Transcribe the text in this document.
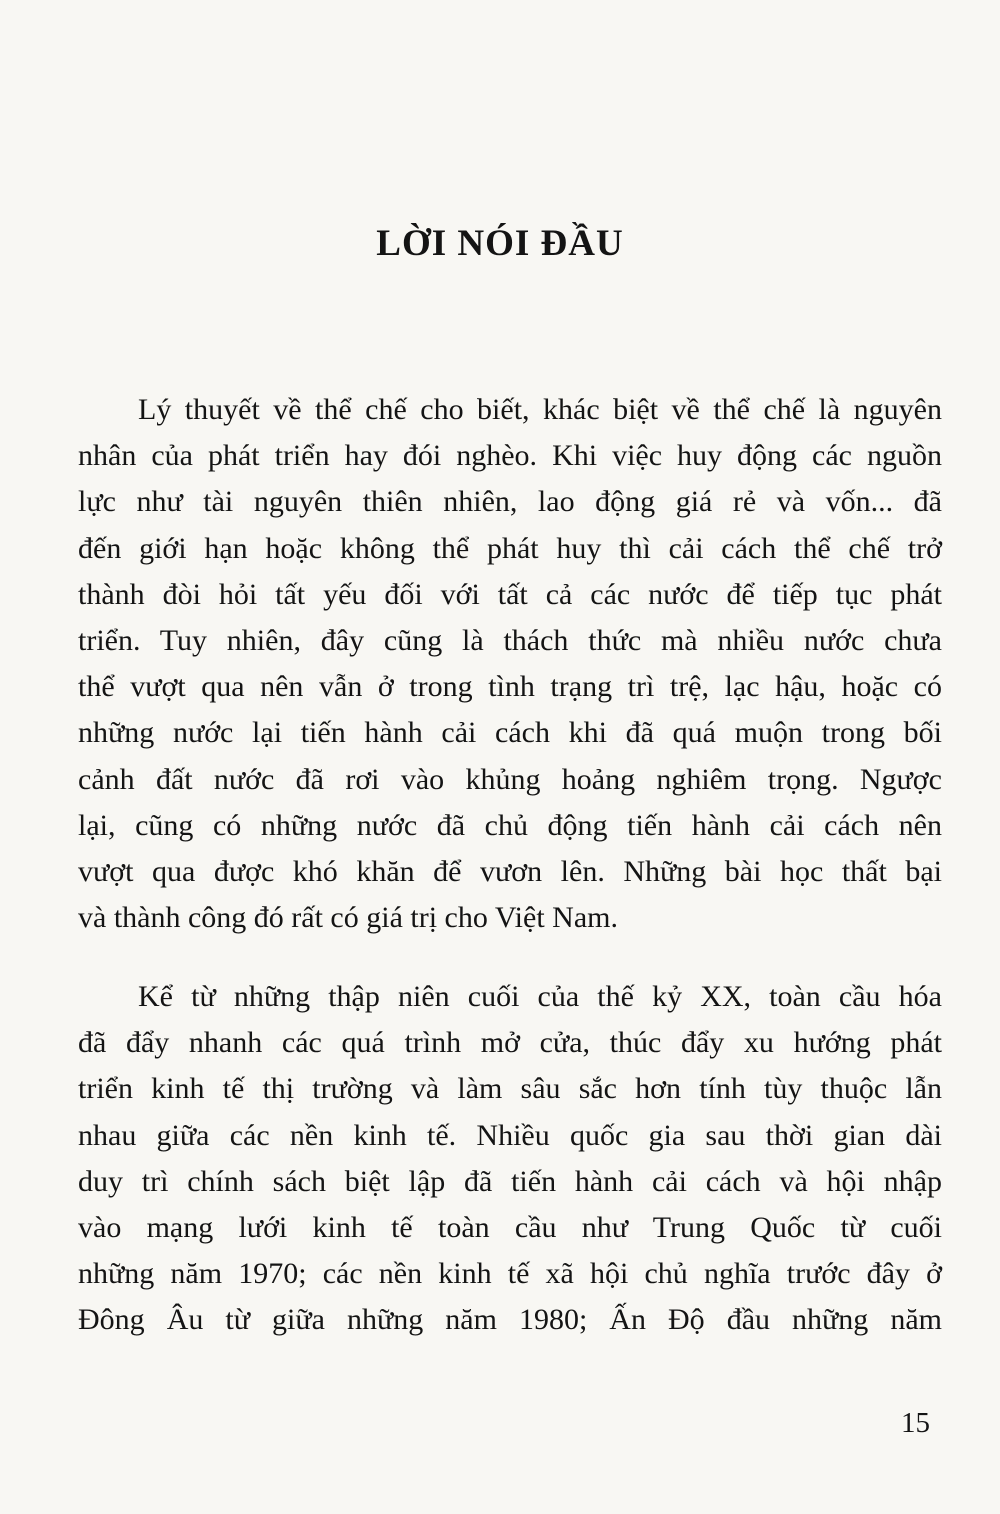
LỜI NÓI ĐẦU
Lý thuyết về thể chế cho biết, khác biệt về thể chế là nguyên
nhân của phát triển hay đói nghèo. Khi việc huy động các nguồn
lực như tài nguyên thiên nhiên, lao động giá rẻ và vốn... đã
đến giới hạn hoặc không thể phát huy thì cải cách thể chế trở
thành đòi hỏi tất yếu đối với tất cả các nước để tiếp tục phát
triển. Tuy nhiên, đây cũng là thách thức mà nhiều nước chưa
thể vượt qua nên vẫn ở trong tình trạng trì trệ, lạc hậu, hoặc có
những nước lại tiến hành cải cách khi đã quá muộn trong bối
cảnh đất nước đã rơi vào khủng hoảng nghiêm trọng. Ngược
lại, cũng có những nước đã chủ động tiến hành cải cách nên
vượt qua được khó khăn để vươn lên. Những bài học thất bại
và thành công đó rất có giá trị cho Việt Nam.
Kể từ những thập niên cuối của thế kỷ XX, toàn cầu hóa
đã đẩy nhanh các quá trình mở cửa, thúc đẩy xu hướng phát
triển kinh tế thị trường và làm sâu sắc hơn tính tùy thuộc lẫn
nhau giữa các nền kinh tế. Nhiều quốc gia sau thời gian dài
duy trì chính sách biệt lập đã tiến hành cải cách và hội nhập
vào mạng lưới kinh tế toàn cầu như Trung Quốc từ cuối
những năm 1970; các nền kinh tế xã hội chủ nghĩa trước đây ở
Đông Âu từ giữa những năm 1980; Ấn Độ đầu những năm
15
